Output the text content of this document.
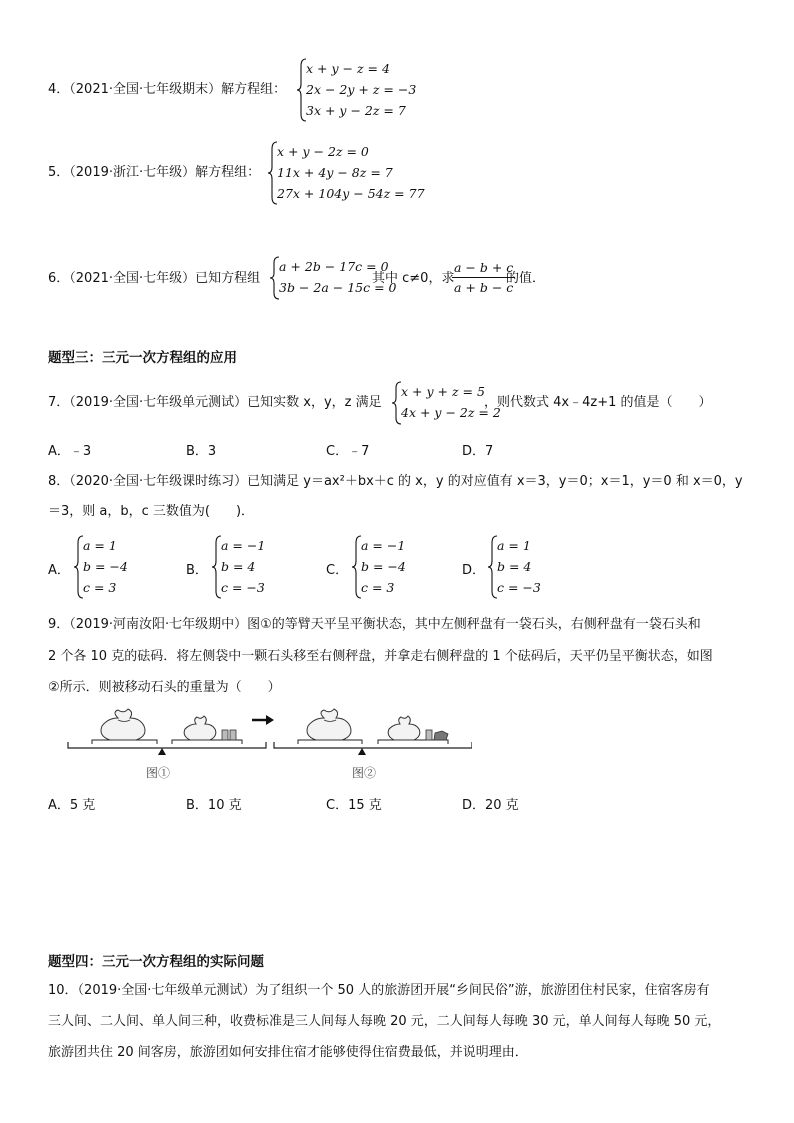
4．（2021·全国·七年级期末）解方程组：
x + y − z = 4
2x − 2y + z = −3
3x + y − 2z = 7
5．（2019·浙江·七年级）解方程组：
x + y − 2z = 0
11x + 4y − 8z = 7
27x + 104y − 54z = 77
6．（2021·全国·七年级）已知方程组
a + 2b − 17c = 0
3b − 2a − 15c = 0
其中 c≠0，求
$\frac{a - b + c}{a + b - c}$
的值．
题型三：三元一次方程组的应用
7．（2019·全国·七年级单元测试）已知实数 x，y，z 满足
x + y + z = 5
4x + y − 2z = 2
，则代数式 4x﹣4z+1 的值是（　　）
A．﹣3	B．3	C．﹣7	D．7
8．（2020·全国·七年级课时练习）已知满足 y＝ax²＋bx＋c 的 x，y 的对应值有 x＝3，y＝0；x＝1，y＝0 和 x＝0，y
＝3，则 a，b，c 三数值为(　　)．
A．
a = 1
b = −4
c = 3
B．
a = −1
b = 4
c = −3
C．
a = −1
b = −4
c = 3
D．
a = 1
b = 4
c = −3
9．（2019·河南汝阳·七年级期中）图①的等臂天平呈平衡状态，其中左侧秤盘有一袋石头，右侧秤盘有一袋石头和
2 个各 10 克的砝码．将左侧袋中一颗石头移至右侧秤盘，并拿走右侧秤盘的 1 个砝码后，天平仍呈平衡状态，如图
②所示．则被移动石头的重量为（　　）
图①	图②
A．5 克	B．10 克	C．15 克	D．20 克
题型四：三元一次方程组的实际问题
10．（2019·全国·七年级单元测试）为了组织一个 50 人的旅游团开展“乡间民俗”游，旅游团住村民家，住宿客房有
三人间、二人间、单人间三种，收费标准是三人间每人每晚 20 元，二人间每人每晚 30 元，单人间每人每晚 50 元，
旅游团共住 20 间客房，旅游团如何安排住宿才能够使得住宿费最低，并说明理由．
